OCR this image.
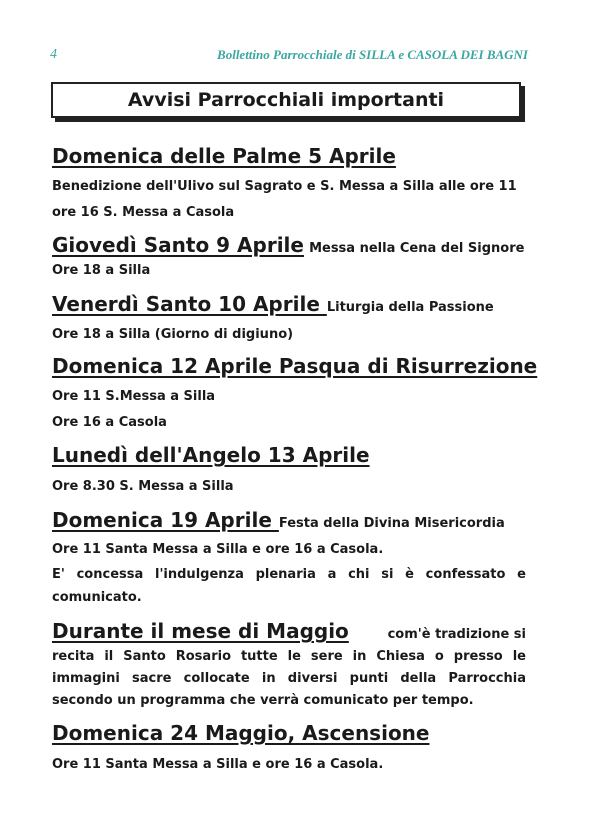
4	Bollettino Parrocchiale di SILLA e CASOLA DEI BAGNI
Avvisi Parrocchiali importanti
Domenica delle Palme 5 Aprile
Benedizione dell'Ulivo sul Sagrato e S. Messa a Silla alle ore 11
ore 16 S. Messa a Casola
Giovedì Santo 9 Aprile Messa nella Cena del Signore
Ore 18 a Silla
Venerdì Santo 10 Aprile Liturgia della Passione
Ore 18 a Silla (Giorno di digiuno)
Domenica 12 Aprile Pasqua di Risurrezione
Ore 11 S.Messa a Silla
Ore 16 a Casola
Lunedì dell'Angelo 13 Aprile
Ore 8.30 S. Messa a Silla
Domenica 19 Aprile Festa della Divina Misericordia
Ore 11 Santa Messa a Silla e ore 16 a Casola.
E' concessa l'indulgenza plenaria a chi si è confessato e
comunicato.
Durante il mese di Maggio	com'è tradizione si
recita il Santo Rosario tutte le sere in Chiesa o presso le
immagini sacre collocate in diversi punti della Parrocchia
secondo un programma che verrà comunicato per tempo.
Domenica 24 Maggio, Ascensione
Ore 11 Santa Messa a Silla e ore 16 a Casola.
